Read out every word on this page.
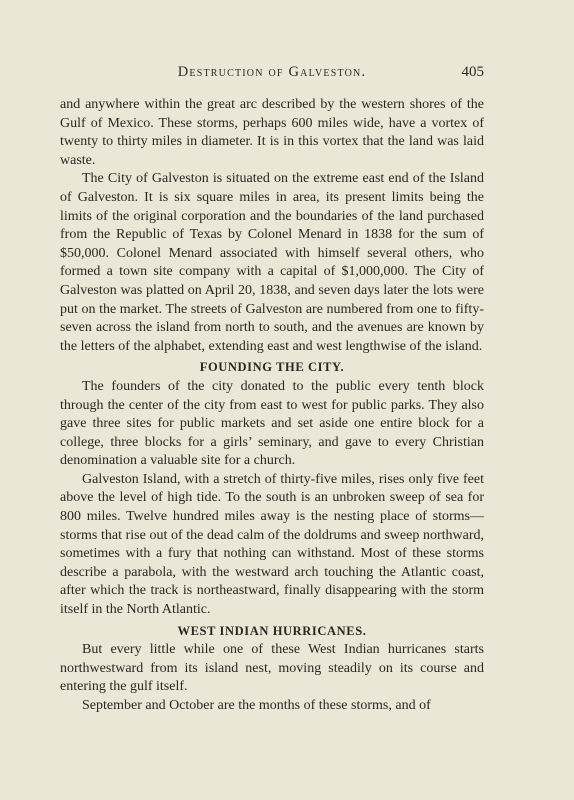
Destruction of Galveston.	405

and anywhere within the great arc described by the western shores of the Gulf of Mexico. These storms, perhaps 600 miles wide, have a vortex of twenty to thirty miles in diameter. It is in this vortex that the land was laid waste.

The City of Galveston is situated on the extreme east end of the Island of Galveston. It is six square miles in area, its present limits being the limits of the original corporation and the boundaries of the land purchased from the Republic of Texas by Colonel Menard in 1838 for the sum of $50,000. Colonel Menard associated with himself several others, who formed a town site company with a capital of $1,000,000. The City of Galveston was platted on April 20, 1838, and seven days later the lots were put on the market. The streets of Galveston are numbered from one to fifty-seven across the island from north to south, and the avenues are known by the letters of the alphabet, extending east and west lengthwise of the island.

FOUNDING THE CITY.

The founders of the city donated to the public every tenth block through the center of the city from east to west for public parks. They also gave three sites for public markets and set aside one entire block for a college, three blocks for a girls’ seminary, and gave to every Christian denomination a valuable site for a church.

Galveston Island, with a stretch of thirty-five miles, rises only five feet above the level of high tide. To the south is an unbroken sweep of sea for 800 miles. Twelve hundred miles away is the nesting place of storms—storms that rise out of the dead calm of the doldrums and sweep northward, sometimes with a fury that nothing can withstand. Most of these storms describe a parabola, with the westward arch touching the Atlantic coast, after which the track is northeastward, finally disappearing with the storm itself in the North Atlantic.

WEST INDIAN HURRICANES.

But every little while one of these West Indian hurricanes starts northwestward from its island nest, moving steadily on its course and entering the gulf itself.

September and October are the months of these storms, and of
